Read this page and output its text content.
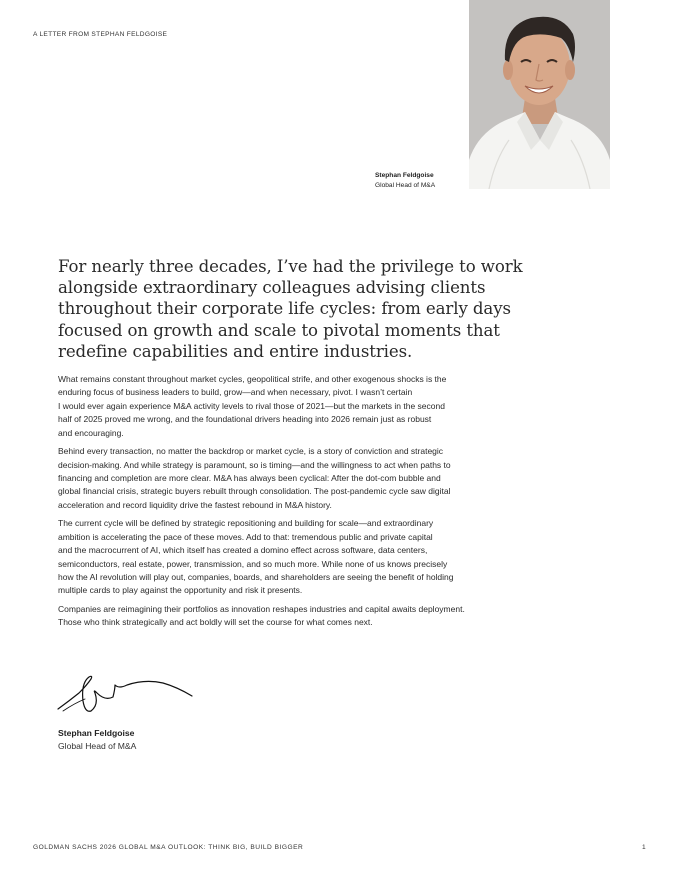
A LETTER FROM STEPHAN FELDGOISE
Stephan Feldgoise
Global Head of M&A
For nearly three decades, I’ve had the privilege to work
alongside extraordinary colleagues advising clients
throughout their corporate life cycles: from early days
focused on growth and scale to pivotal moments that
redefine capabilities and entire industries.

What remains constant throughout market cycles, geopolitical strife, and other exogenous shocks is the
enduring focus of business leaders to build, grow—and when necessary, pivot. I wasn’t certain
I would ever again experience M&A activity levels to rival those of 2021—but the markets in the second
half of 2025 proved me wrong, and the foundational drivers heading into 2026 remain just as robust
and encouraging.

Behind every transaction, no matter the backdrop or market cycle, is a story of conviction and strategic
decision-making. And while strategy is paramount, so is timing—and the willingness to act when paths to
financing and completion are more clear. M&A has always been cyclical: After the dot-com bubble and
global financial crisis, strategic buyers rebuilt through consolidation. The post-pandemic cycle saw digital
acceleration and record liquidity drive the fastest rebound in M&A history.

The current cycle will be defined by strategic repositioning and building for scale—and extraordinary
ambition is accelerating the pace of these moves. Add to that: tremendous public and private capital
and the macrocurrent of AI, which itself has created a domino effect across software, data centers,
semiconductors, real estate, power, transmission, and so much more. While none of us knows precisely
how the AI revolution will play out, companies, boards, and shareholders are seeing the benefit of holding
multiple cards to play against the opportunity and risk it presents.

Companies are reimagining their portfolios as innovation reshapes industries and capital awaits deployment.
Those who think strategically and act boldly will set the course for what comes next.

Stephan Feldgoise
Global Head of M&A
GOLDMAN SACHS 2026 GLOBAL M&A OUTLOOK: THINK BIG, BUILD BIGGER	1
